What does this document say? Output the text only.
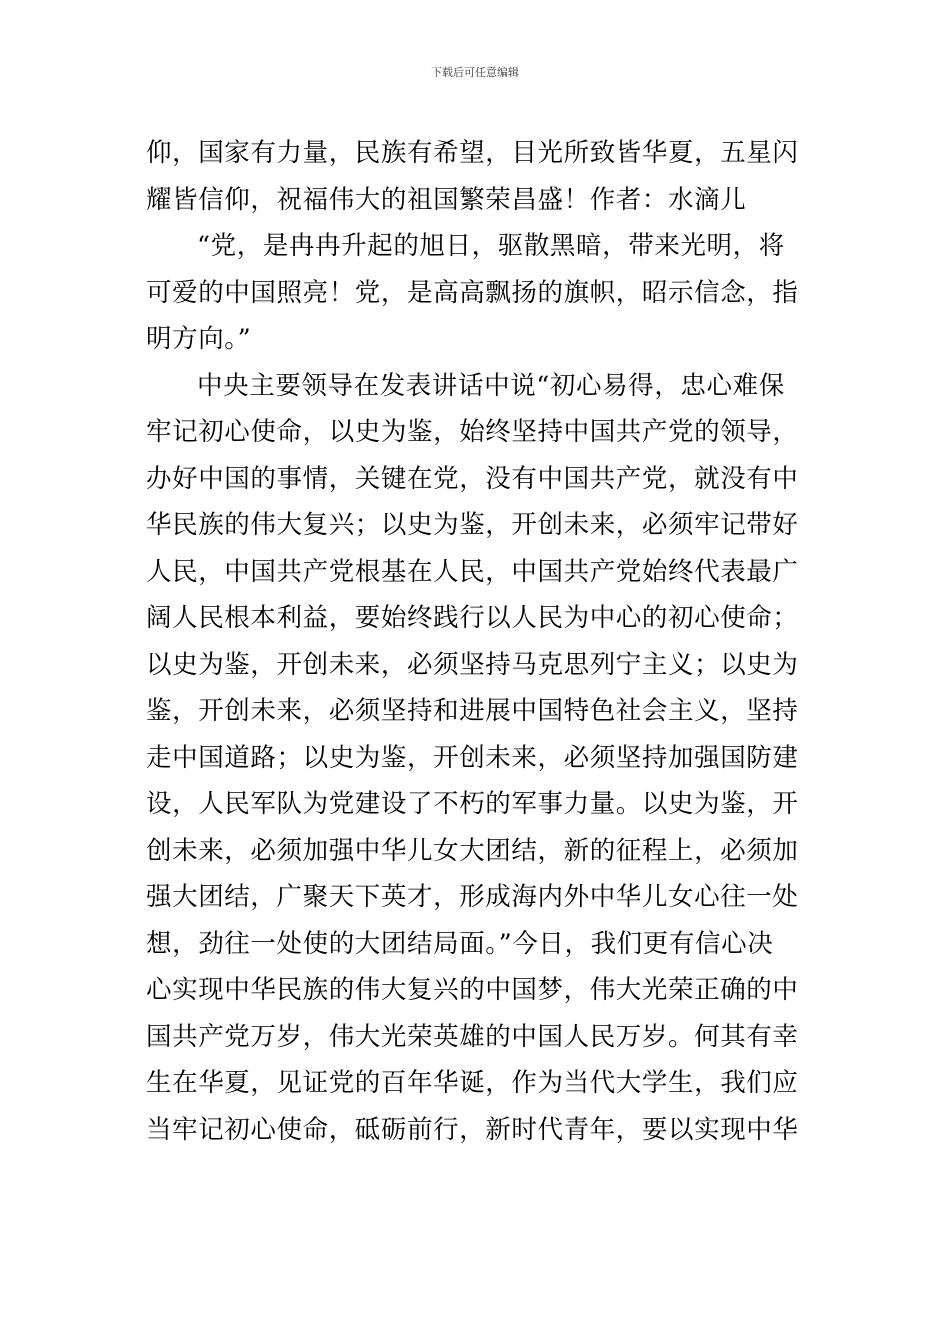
下载后可任意编辑
仰，国家有力量，民族有希望，目光所致皆华夏，五星闪
耀皆信仰，祝福伟大的祖国繁荣昌盛！作者：水滴儿
“党，是冉冉升起的旭日，驱散黑暗，带来光明，将
可爱的中国照亮！党，是高高飘扬的旗帜，昭示信念，指
明方向。”
中央主要领导在发表讲话中说“初心易得，忠心难保
牢记初心使命，以史为鉴，始终坚持中国共产党的领导，
办好中国的事情，关键在党，没有中国共产党，就没有中
华民族的伟大复兴；以史为鉴，开创未来，必须牢记带好
人民，中国共产党根基在人民，中国共产党始终代表最广
阔人民根本利益，要始终践行以人民为中心的初心使命；
以史为鉴，开创未来，必须坚持马克思列宁主义；以史为
鉴，开创未来，必须坚持和进展中国特色社会主义，坚持
走中国道路；以史为鉴，开创未来，必须坚持加强国防建
设，人民军队为党建设了不朽的军事力量。以史为鉴，开
创未来，必须加强中华儿女大团结，新的征程上，必须加
强大团结，广聚天下英才，形成海内外中华儿女心往一处
想，劲往一处使的大团结局面。”今日，我们更有信心决
心实现中华民族的伟大复兴的中国梦，伟大光荣正确的中
国共产党万岁，伟大光荣英雄的中国人民万岁。何其有幸
生在华夏，见证党的百年华诞，作为当代大学生，我们应
当牢记初心使命，砥砺前行，新时代青年，要以实现中华
